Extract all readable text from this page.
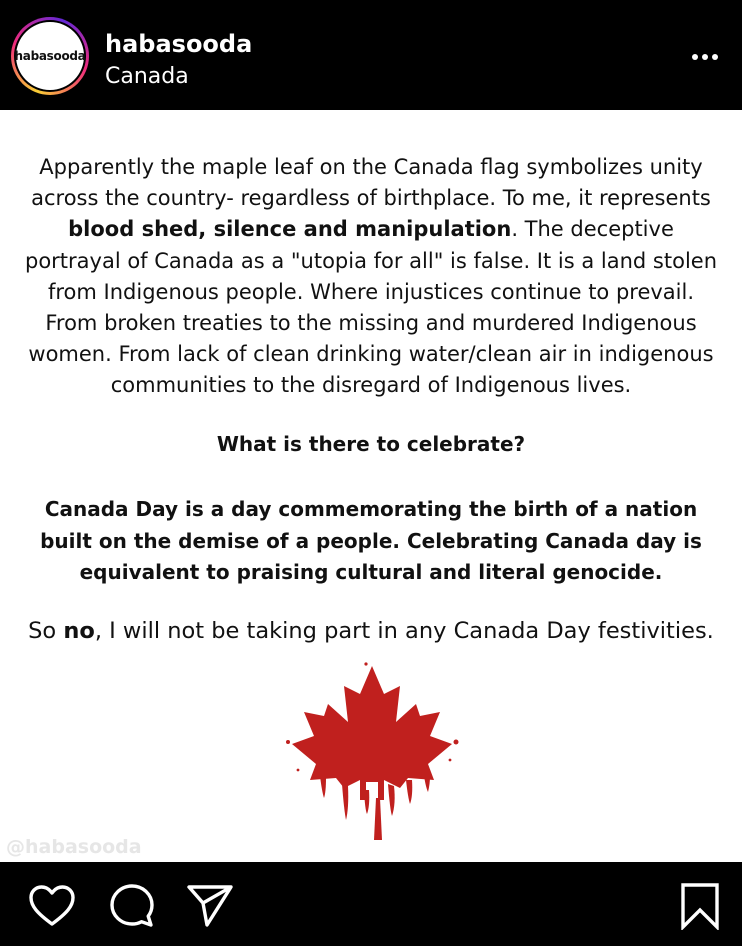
habasooda habasooda
Canada
Apparently the maple leaf on the Canada flag symbolizes unity across the country- regardless of birthplace. To me, it represents blood shed, silence and manipulation. The deceptive portrayal of Canada as a "utopia for all" is false. It is a land stolen from Indigenous people. Where injustices continue to prevail. From broken treaties to the missing and murdered Indigenous women. From lack of clean drinking water/clean air in indigenous communities to the disregard of Indigenous lives.
What is there to celebrate?
Canada Day is a day commemorating the birth of a nation built on the demise of a people. Celebrating Canada day is equivalent to praising cultural and literal genocide.
So no, I will not be taking part in any Canada Day festivities.
@habasooda
